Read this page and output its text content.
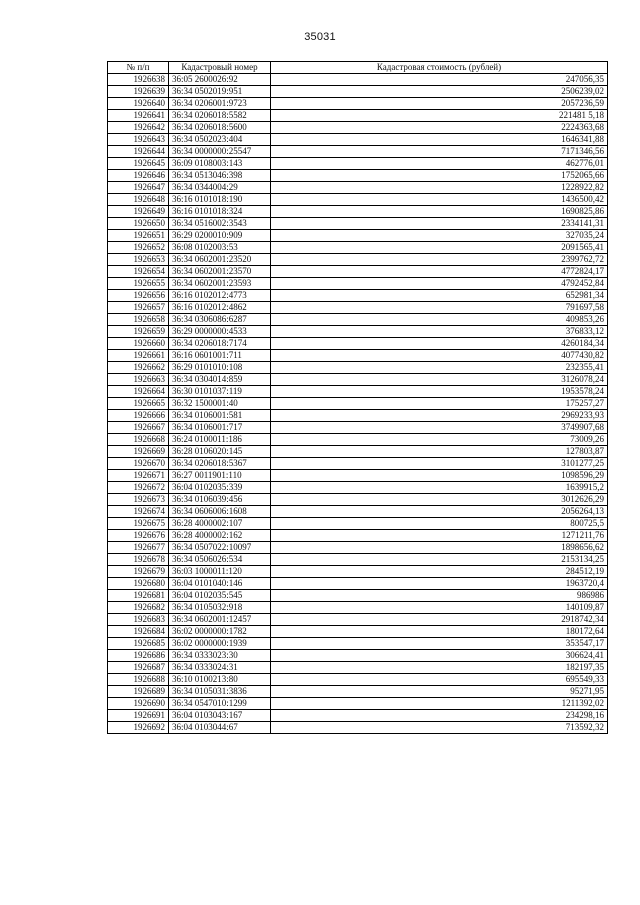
35031
№ п/п	Кадастровый номер	Кадастровая стоимость (рублей)
1926638	36:05 2600026:92	247056,35
1926639	36:34 0502019:951	2506239,02
1926640	36:34 0206001:9723	2057236,59
1926641	36:34 0206018:5582	221481 5,18
1926642	36:34 0206018:5600	2224363,68
1926643	36:34 0502023:404	1646341,88
1926644	36:34 0000000:25547	7171346,56
1926645	36:09 0108003:143	462776,01
1926646	36:34 0513046:398	1752065,66
1926647	36:34 0344004:29	1228922,82
1926648	36:16 0101018:190	1436500,42
1926649	36:16 0101018:324	1690825,86
1926650	36:34 0516002:3543	2334141,31
1926651	36:29 0200010:909	327035,24
1926652	36:08 0102003:53	2091565,41
1926653	36:34 0602001:23520	2399762,72
1926654	36:34 0602001:23570	4772824,17
1926655	36:34 0602001:23593	4792452,84
1926656	36:16 0102012:4773	652981,34
1926657	36:16 0102012:4862	791697,58
1926658	36:34 0306086:6287	409853,26
1926659	36:29 0000000:4533	376833,12
1926660	36:34 0206018:7174	4260184,34
1926661	36:16 0601001:711	4077430,82
1926662	36:29 0101010:108	232355,41
1926663	36:34 0304014:859	3126078,24
1926664	36:30 0101037:119	1953578,24
1926665	36:32 1500001:40	175257,27
1926666	36:34 0106001:581	2969233,93
1926667	36:34 0106001:717	3749907,68
1926668	36:24 0100011:186	73009,26
1926669	36:28 0106020:145	127803,87
1926670	36:34 0206018:5367	3101277,25
1926671	36:27 0011901:110	1098596,29
1926672	36:04 0102035:339	1639915,2
1926673	36:34 0106039:456	3012626,29
1926674	36:34 0606006:1608	2056264,13
1926675	36:28 4000002:107	800725,5
1926676	36:28 4000002:162	1271211,76
1926677	36:34 0507022:10097	1898656,62
1926678	36:34 0506026:534	2153134,25
1926679	36:03 1000011:120	284512,19
1926680	36:04 0101040:146	1963720,4
1926681	36:04 0102035:545	986986
1926682	36:34 0105032:918	140109,87
1926683	36:34 0602001:12457	2918742,34
1926684	36:02 0000000:1782	180172,64
1926685	36:02 0000000:1939	353547,17
1926686	36:34 0333023:30	306624,41
1926687	36:34 0333024:31	182197,35
1926688	36:10 0100213:80	695549,33
1926689	36:34 0105031:3836	95271,95
1926690	36:34 0547010:1299	1211392,02
1926691	36:04 0103043:167	234298,16
1926692	36:04 0103044:67	713592,32
